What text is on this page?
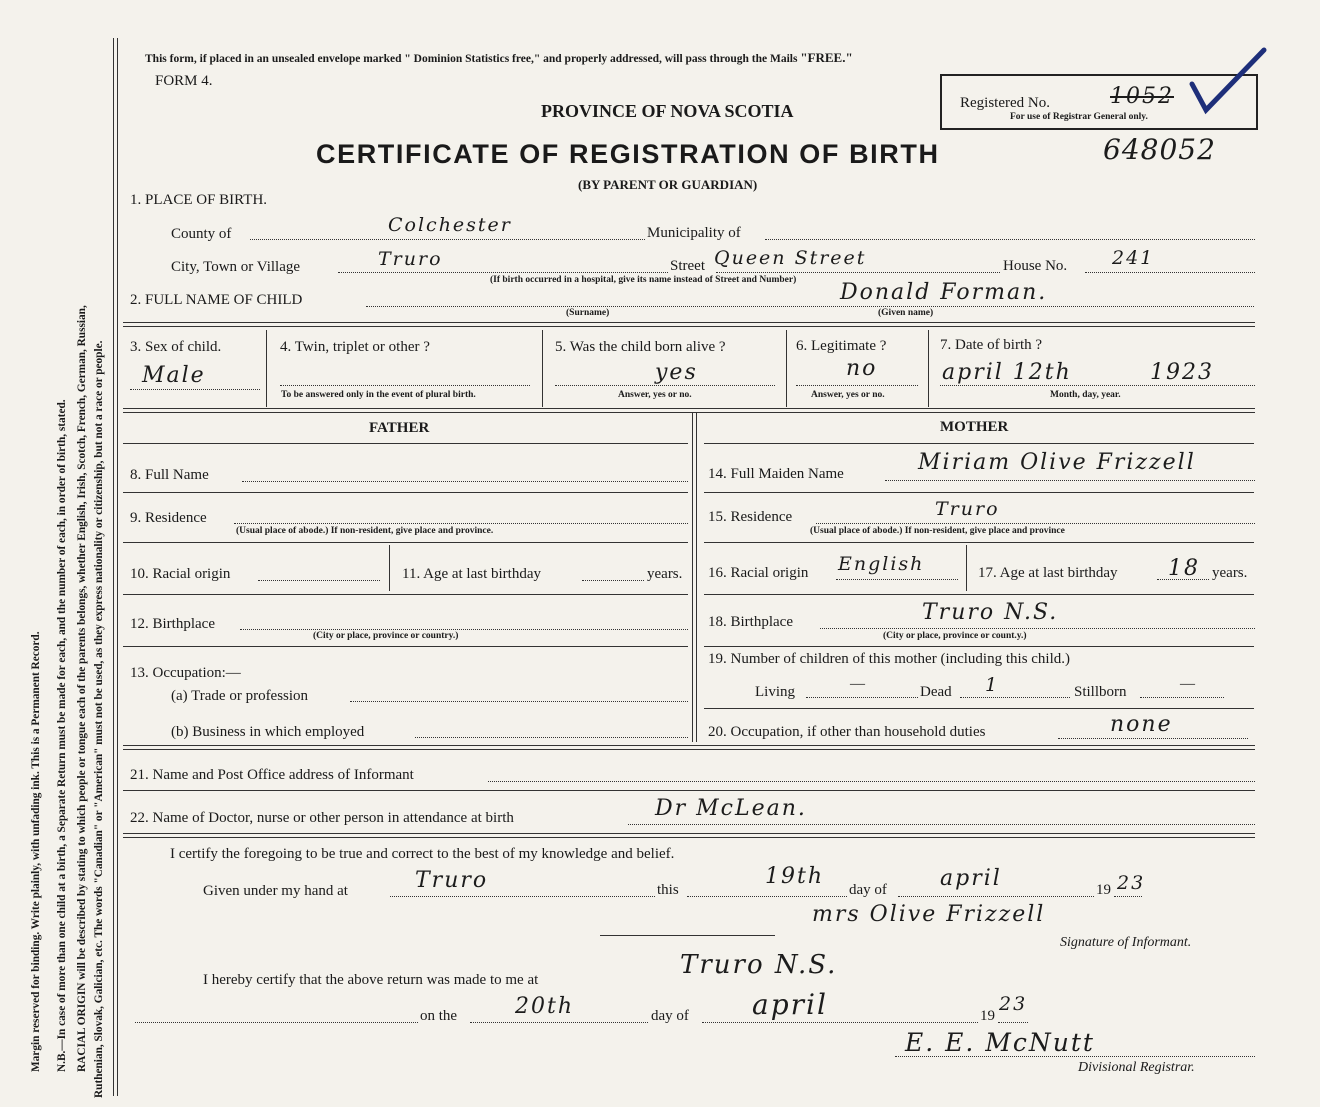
Margin reserved for binding. Write plainly, with unfading ink. This is a Permanent Record. N.B.—In case of more than one child at a birth, a Separate Return must be made for each, and the number of each, in order of birth, stated. RACIAL ORIGIN will be described by stating to which people or tongue each of the parents belongs, whether English, Irish, Scotch, French, German, Russian, Ruthenian, Slovak, Galician, etc. The words "Canadian" or "American" must not be used, as they express nationality or citizenship, but not a race or people.
This form, if placed in an unsealed envelope marked " Dominion Statistics free," and properly addressed, will pass through the Mails "FREE."
FORM 4.
PROVINCE OF NOVA SCOTIA
CERTIFICATE OF REGISTRATION OF BIRTH
(BY PARENT OR GUARDIAN)
Registered No.	1052
For use of Registrar General only.
648052
1. PLACE OF BIRTH.
County of	Colchester	Municipality of
City, Town or Village	Truro	Street Queen Street	House No. 241
(If birth occurred in a hospital, give its name instead of Street and Number)
2. FULL NAME OF CHILD	Donald Forman.
(Surname)	(Given name)
3. Sex of child.
Male
4. Twin, triplet or other ?
To be answered only in the event of plural birth.
5. Was the child born alive ?
yes
Answer, yes or no.
6. Legitimate ?
no
Answer, yes or no.
7. Date of birth ?
april 12th	1923
Month, day, year.
FATHER	MOTHER
8. Full Name
9. Residence
(Usual place of abode.) If non-resident, give place and province.
10. Racial origin	11. Age at last birthday	years.
12. Birthplace
(City or place, province or country.)
13. Occupation:—
(a) Trade or profession
(b) Business in which employed
14. Full Maiden Name	Miriam Olive Frizzell
15. Residence	Truro
(Usual place of abode.) If non-resident, give place and province
16. Racial origin English	17. Age at last birthday 18 years.
18. Birthplace	Truro N.S.
(City or place, province or count.y.)
19. Number of children of this mother (including this child.)
Living	—	Dead 1	Stillborn	—
20. Occupation, if other than household duties	none
21. Name and Post Office address of Informant
22. Name of Doctor, nurse or other person in attendance at birth	Dr McLean.
I certify the foregoing to be true and correct to the best of my knowledge and belief.
Given under my hand at	Truro	this
19th
day of april	19 23
mrs Olive Frizzell
Signature of Informant.
I hereby certify that the above return was made to me at	Truro N.S.
on the	20th	day of april	19
23
E. E. McNutt
Divisional Registrar.
